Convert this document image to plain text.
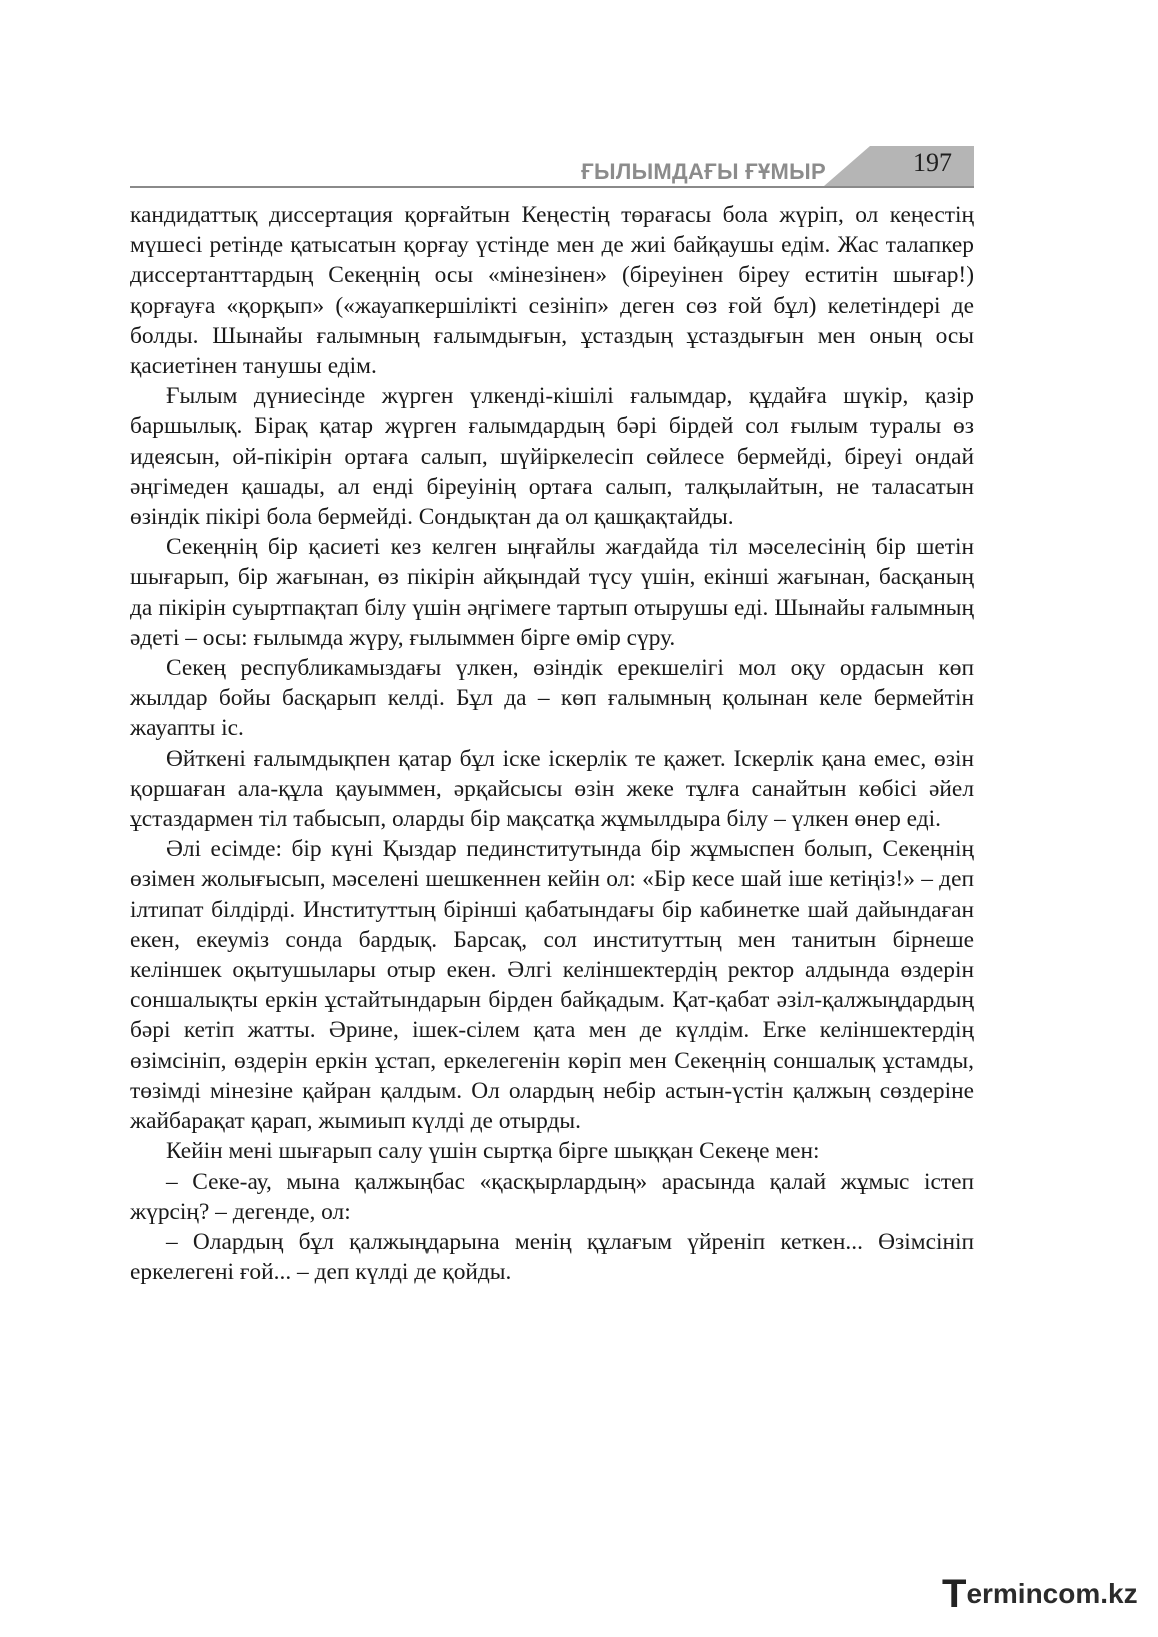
ҒЫЛЫМДАҒЫ ҒҰМЫР	197

кандидаттық диссертация қорғайтын Кеңестің төрағасы бола жүріп, ол кеңестің мүшесі ретінде қатысатын қорғау үстінде мен де жиі байқаушы едім. Жас талапкер диссертанттардың Секеңнің осы «мінезінен» (біреуінен біреу еститін шығар!) қорғауға «қорқып» («жауапкершілікті сезініп» деген сөз ғой бұл) келетіндері де болды. Шынайы ғалымның ғалымдығын, ұстаздың ұстаздығын мен оның осы қасиетінен танушы едім.

Ғылым дүниесінде жүрген үлкенді-кішілі ғалымдар, құдайға шүкір, қазір баршылық. Бірақ қатар жүрген ғалымдардың бәрі бірдей сол ғылым туралы өз идеясын, ой-пікірін ортаға салып, шүйіркелесіп сөйлесе бермейді, біреуі ондай әңгімеден қашады, ал енді біреуінің ортаға салып, талқылайтын, не таласатын өзіндік пікірі бола бермейді. Сондықтан да ол қашқақтайды.

Секеңнің бір қасиеті кез келген ыңғайлы жағдайда тіл мәселесінің бір шетін шығарып, бір жағынан, өз пікірін айқындай түсу үшін, екінші жағынан, басқаның да пікірін суыртпақтап білу үшін әңгімеге тартып отырушы еді. Шынайы ғалымның әдеті – осы: ғылымда жүру, ғылыммен бірге өмір сүру.

Секең республикамыздағы үлкен, өзіндік ерекшелігі мол оқу ордасын көп жылдар бойы басқарып келді. Бұл да – көп ғалымның қолынан келе бермейтін жауапты іс.

Өйткені ғалымдықпен қатар бұл іске іскерлік те қажет. Іскерлік қана емес, өзін қоршаған ала-құла қауыммен, әрқайсысы өзін жеке тұлға санайтын көбісі әйел ұстаздармен тіл табысып, оларды бір мақсатқа жұмылдыра білу – үлкен өнер еді.

Әлі есімде: бір күні Қыздар пединститутында бір жұмыспен болып, Секеңнің өзімен жолығысып, мәселені шешкеннен кейін ол: «Бір кесе шай іше кетіңіз!» – деп ілтипат білдірді. Институттың бірінші қабатындағы бір кабинетке шай дайындаған екен, екеуміз сонда бардық. Барсақ, сол институттың мен танитын бірнеше келіншек оқытушылары отыр екен. Әлгі келіншектердің ректор алдында өздерін соншалықты еркін ұстайтындарын бірден байқадым. Қат-қабат әзіл-қалжыңдардың бәрі кетіп жатты. Әрине, ішек-сілем қата мен де күлдім. Erкe келіншектердің өзімсініп, өздерін еркін ұстап, еркелегенін көріп мен Секеңнің соншалық ұстамды, төзімді мінезіне қайран қалдым. Ол олардың небір астын-үстін қалжың сөздеріне жайбарақат қарап, жымиып күлді де отырды.

Кейін мені шығарып салу үшін сыртқа бірге шыққан Секеңе мен:

– Секе-ау, мына қалжыңбас «қасқырлардың» арасында қалай жұмыс істеп жүрсің? – дегенде, ол:

– Олардың бұл қалжыңдарына менің құлағым үйреніп кеткен... Өзімсініп еркелегені ғой... – деп күлді де қойды.

Termincom.kz
